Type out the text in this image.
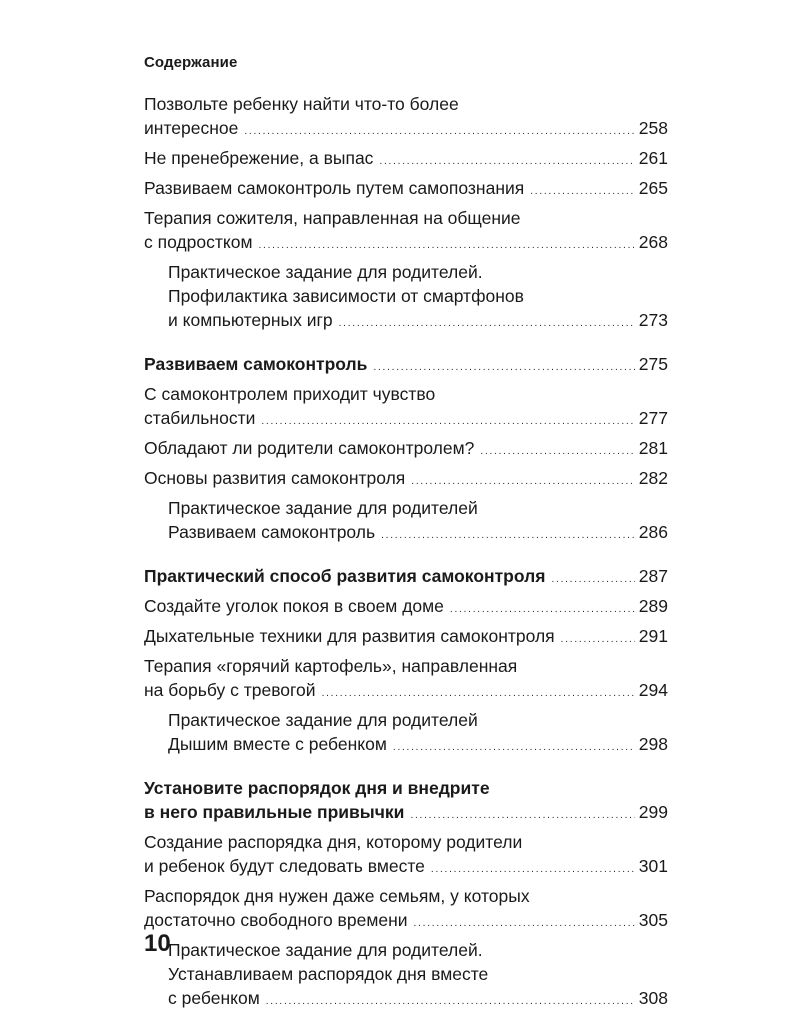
Содержание
Позвольте ребенку найти что-то более
интересное . . .	258
Не пренебрежение, а выпас . . .	261
Развиваем самоконтроль путем самопознания . . .	265
Терапия сожителя, направленная на общение
с подростком . . .	268
Практическое задание для родителей.
Профилактика зависимости от смартфонов
и компьютерных игр . . .	273
Развиваем самоконтроль . . .	275
С самоконтролем приходит чувство
стабильности . . .	277
Обладают ли родители самоконтролем? . . .	281
Основы развития самоконтроля . . .	282
Практическое задание для родителей
Развиваем самоконтроль . . .	286
Практический способ развития самоконтроля . . .	287
Создайте уголок покоя в своем доме . . .	289
Дыхательные техники для развития самоконтроля . . .	291
Терапия «горячий картофель», направленная
на борьбу с тревогой . . .	294
Практическое задание для родителей
Дышим вместе с ребенком . . .	298
Установите распорядок дня и внедрите
в него правильные привычки . . .	299
Создание распорядка дня, которому родители
и ребенок будут следовать вместе . . .	301
Распорядок дня нужен даже семьям, у которых
достаточно свободного времени . . .	305
Практическое задание для родителей.
Устанавливаем распорядок дня вместе
с ребенком . . .	308
10
